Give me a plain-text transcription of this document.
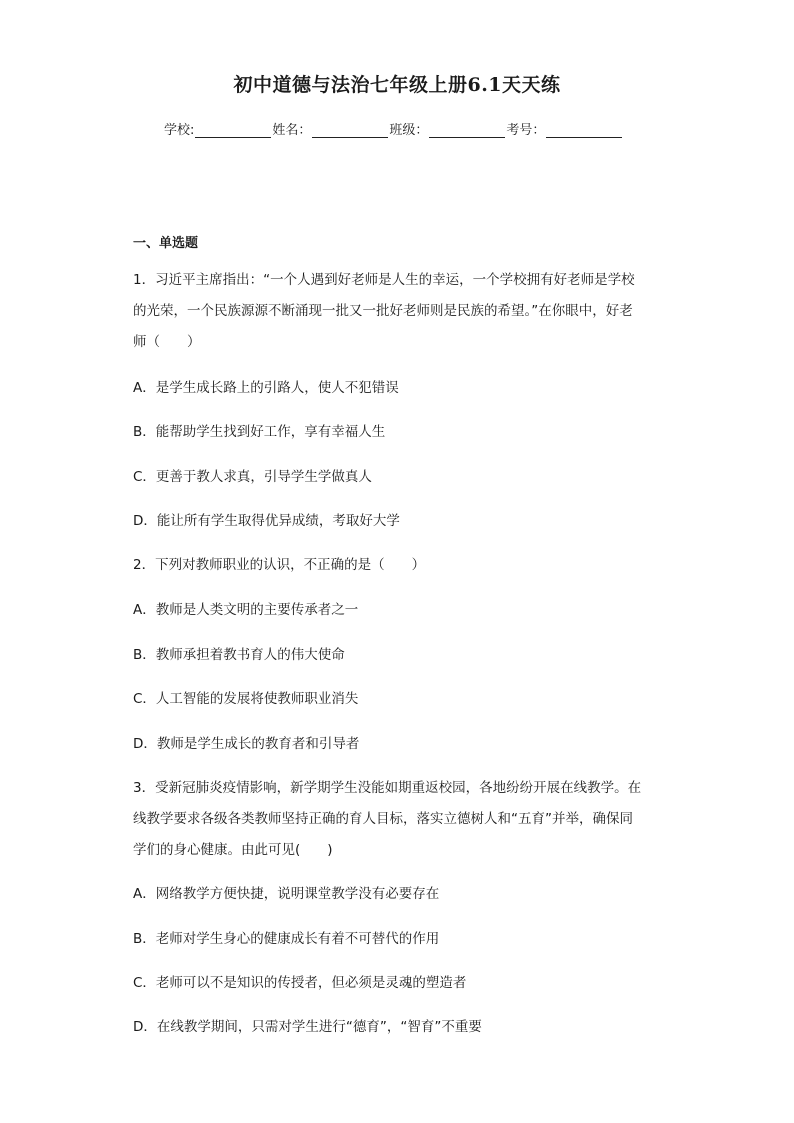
初中道德与法治七年级上册6.1天天练
学校:	姓名：	班级：	考号：
一、单选题
1．习近平主席指出：“一个人遇到好老师是人生的幸运，一个学校拥有好老师是学校
的光荣，一个民族源源不断涌现一批又一批好老师则是民族的希望。”在你眼中，好老
师（　　）
A．是学生成长路上的引路人，使人不犯错误
B．能帮助学生找到好工作，享有幸福人生
C．更善于教人求真，引导学生学做真人
D．能让所有学生取得优异成绩，考取好大学
2．下列对教师职业的认识，不正确的是（　　）
A．教师是人类文明的主要传承者之一
B．教师承担着教书育人的伟大使命
C．人工智能的发展将使教师职业消失
D．教师是学生成长的教育者和引导者
3．受新冠肺炎疫情影响，新学期学生没能如期重返校园，各地纷纷开展在线教学。在
线教学要求各级各类教师坚持正确的育人目标，落实立德树人和“五育”并举，确保同
学们的身心健康。由此可见(　　)
A．网络教学方便快捷，说明课堂教学没有必要存在
B．老师对学生身心的健康成长有着不可替代的作用
C．老师可以不是知识的传授者，但必须是灵魂的塑造者
D．在线教学期间，只需对学生进行“德育”，“智育”不重要
